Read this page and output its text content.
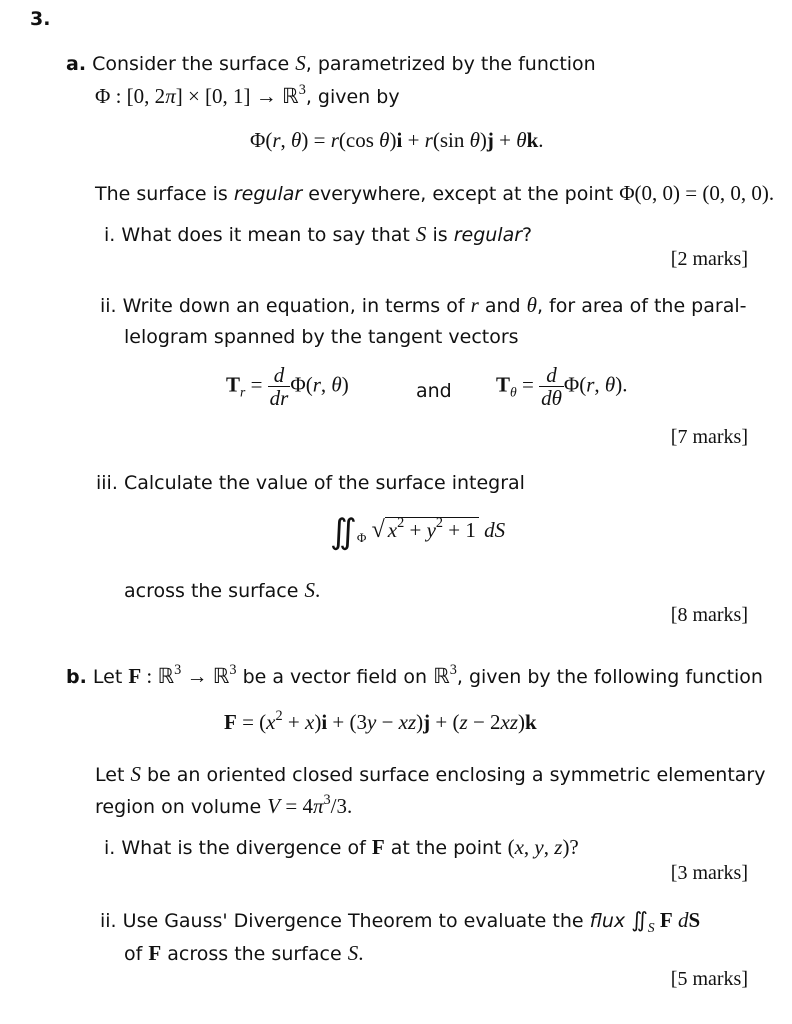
3.
a. Consider the surface S, parametrized by the function
Φ : [0, 2π] × [0, 1] → ℝ$^3$, given by
Φ(r, θ) = r(cos θ)i + r(sin θ)j + θk.
The surface is regular everywhere, except at the point Φ(0, 0) = (0, 0, 0).
i. What does it mean to say that S is regular?
[2 marks]
ii. Write down an equation, in terms of r and θ, for area of the paral-
lelogram spanned by the tangent vectors
$T_r = \frac{d}{dr} \Phi(r$, θ)	and $T_\theta = \frac{d}{d\theta} \Phi(r$, θ).
[7 marks]
iii. Calculate the value of the surface integral
$∬_\Phi$ √ $x^2 + y^2 + 1$ dS
across the surface S.
[8 marks]
b. Let F : ℝ$^3$ → ℝ$^3$ be a vector field on ℝ$^3$, given by the following function
$F = (x^2 + x)i + (3y - xz)j + (z - 2xz)k$
Let S be an oriented closed surface enclosing a symmetric elementary
region on volume $V = 4\pi^3/3$.
i. What is the divergence of F at the point (x, y, z)?
[3 marks]
ii. Use Gauss' Divergence Theorem to evaluate the flux $∬_S$ F dS
of F across the surface S.
[5 marks]
